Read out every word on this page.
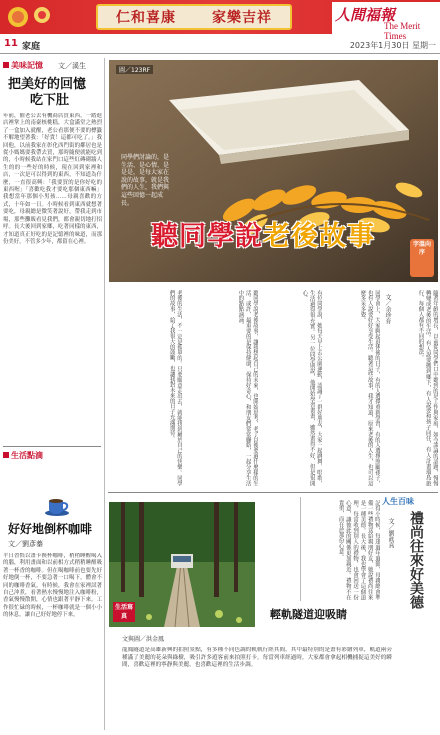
仁和喜康	家樂吉祥	人間福報
The Merit Times
11 家庭	2023年1月30日 星期一
美味記憶 文／溪生
把美好的回憶
吃下肚
年前，催老公去有機商店買東西，一踏進店裡掌上的南臺核桃糕，大盒滿堂之熱烈了一盒加入就醒，老公看那便不要的標籤不解地望著我：「好貴！這都可吃了。」我回他，以前我家在彰化西門街的鄰居也是從小媽媽要我帶去買，那時隨便就能吃到的，小時候我站在家門口這些紅磚砌牆人生的的一些好的時候，現在回到家裡和店，一次是可以得到的東西，不知道為什麼，一直很高興：「我要買的是你好吃的東西喔」「喜歡吃我才要吃那個東西嘛」我想當年那個小男孩……母親喜歡的方式，十年如一日。小時候看到東西就想著要吃，母親總是微笑著說好，帶我走到市場，那些攤販看見我們，都會親切地打招呼。長大後回到家鄉，吃著同樣的東西，才知道真正好吃的是記憶裡的味道，而那份美好，不管多少年，都留在心裡。
生活點滴
好好地倒杯咖啡
文／劉彥蓁
平日習慣以畫卡換杯咖啡，稍稍睡醒喝入的腦，利用畫面和以前相方式稍稍睡醒吸著一杯香的咖啡。但在喝咖啡前也要先好好地倒一杯，不要急著一口喝下，體會不同的咖啡香氣。有時候，我會在家裡試著自己沖煮，看著熱水慢慢地注入咖啡粉，香氣慢慢散開，心情也跟著平靜下來。工作很忙碌的時候，一杯咖啡就是一個小小的休息，讓自己好好地停下來。
圖／123RF
同學們討論的，是生活、是心情、是是是，是每大家在說的故事，就是我們的人生，我們與這些回憶一起成長。
聽同學說老後故事	字溫向序
文／余珍育	隨著年齡的增長，以前從同學們口中聽到的是工作與家庭，如今談論的話題，慢慢轉變成老後的生活。有人說要搬到鄉下，有人說要和孩子同住，有人計畫環島旅行，每個人都有不同的想法。
同學會上，大家聊起退休後的日子，有的人選擇重新學習，有的人選擇照顧孫子，也有人說要好好享受生活。聽著這些故事，我才知道，原來老後的人生，也可以這麼多采多姿。
有位同學說，她每天早上去公園運動，認識了一群好朋友，大家一起跳舞、唱歌，生活過得很充實。另一位同學則說，他開始學習畫畫，雖然畫得不好，但是很開心。
聽同學說老後故事，讓我想起自己的未來，也開始思考，老了以後要過什麼樣的生活。或許，最重要的是保持健康，保持好奇心，和朋友們常常聯絡，一起分享生活中的點點滴滴。
老後的生活，不一定是孤單的。只要願意走出去，就能找到屬於自己的快樂。同學們的故事，給了我很大的鼓勵，也讓我對未來的日子充滿期待。
生活寫真	輕軌隧道迎吸睛
文與圖／洪金鳳
龍鳳隧道是高雄新興的拍照景點，有多種不同色調的軌軌行經其間，其中最特別的是畫有彩繪列車，軌道兩旁種滿了美麗的花朵與綠樹，吸引許多遊客前來拍照打卡。每當列車經過時，大家都會拿起相機捕捉這美好的瞬間，喜歡這裡的寧靜與美麗，也喜歡這裡的生活步調。
人生百味
禮尚往來好美德
文／劉眞真
記得小時候，每逢過年過節，母親總會準備一些禮物送給親朋好友，她說禮尚往來是一種美德。長大後，我也學會了這個道理，每當收到別人的禮物，也會回送一份心意，讓彼此的關係更加親近。禮物不在貴重，而在於那份心意。
